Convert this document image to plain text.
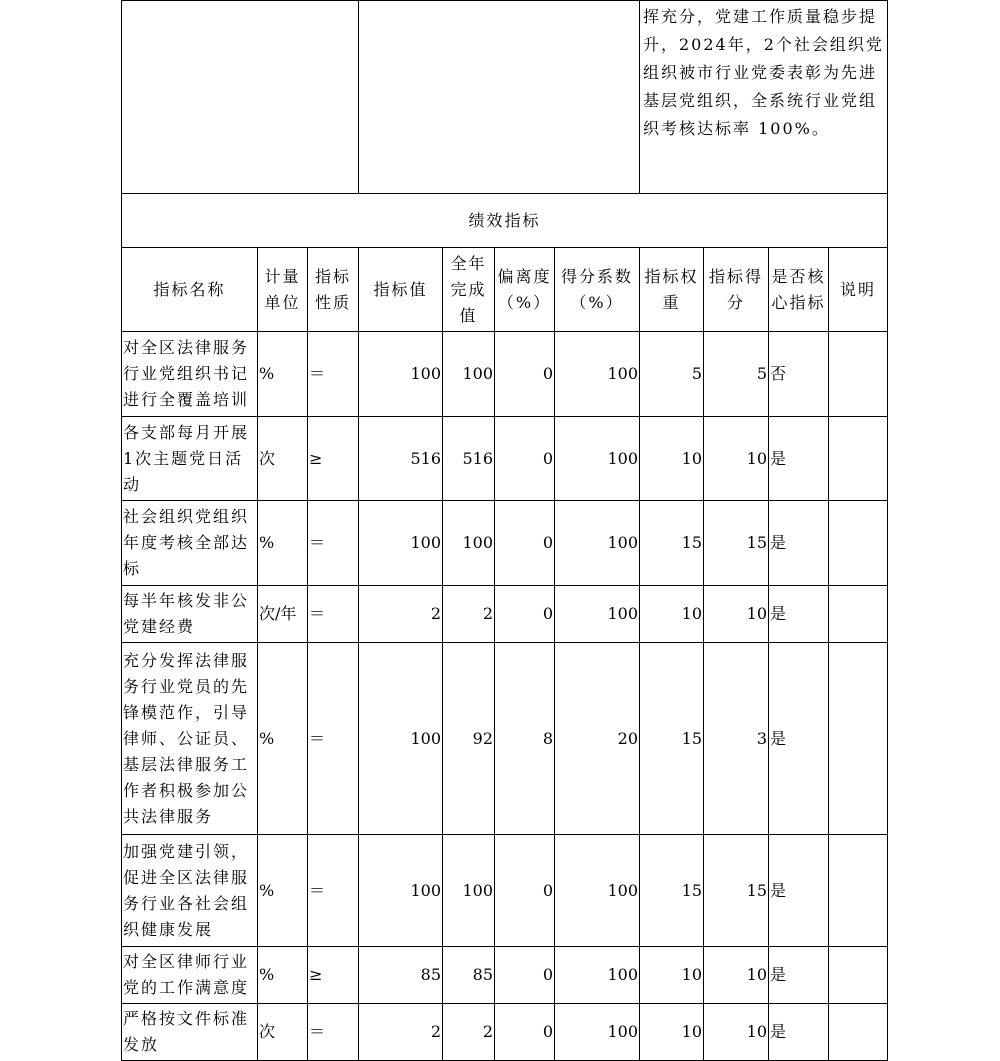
							挥充分，党建工作质量稳步提升，2024年，2个社会组织党组织被市行业党委表彰为先进基层党组织，全系统行业党组织考核达标率 100%。			
绩效指标										
指标名称	计量单位	指标性质	指标值	全年完成值	偏离度（%）	得分系数（%）	指标权重	指标得分	是否核心指标	说明
对全区法律服务行业党组织书记进行全覆盖培训	%	＝	100	100	0	100	5	5	否	
各支部每月开展1次主题党日活动	次	≥	516	516	0	100	10	10	是	
社会组织党组织年度考核全部达标	%	＝	100	100	0	100	15	15	是	
每半年核发非公党建经费	次/年	＝	2	2	0	100	10	10	是	
充分发挥法律服务行业党员的先锋模范作，引导律师、公证员、基层法律服务工作者积极参加公共法律服务	%	＝	100	92	8	20	15	3	是	
加强党建引领，促进全区法律服务行业各社会组织健康发展	%	＝	100	100	0	100	15	15	是	
对全区律师行业党的工作满意度	%	≥	85	85	0	100	10	10	是	
严格按文件标准发放	次	＝	2	2	0	100	10	10	是	
